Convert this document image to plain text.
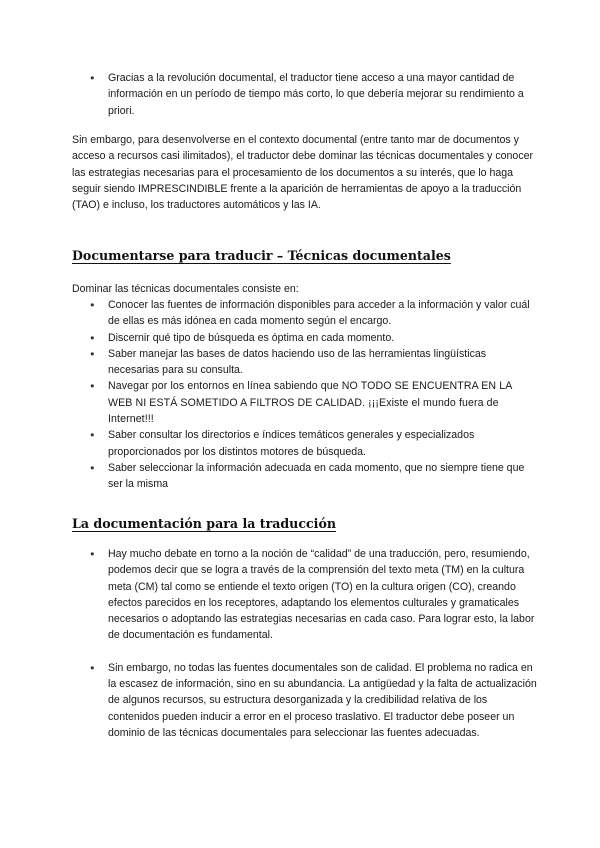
● Gracias a la revolución documental, el traductor tiene acceso a una mayor cantidad de información en un período de tiempo más corto, lo que debería mejorar su rendimiento a priori.

Sin embargo, para desenvolverse en el contexto documental (entre tanto mar de documentos y acceso a recursos casi ilimitados), el traductor debe dominar las técnicas documentales y conocer las estrategias necesarias para el procesamiento de los documentos a su interés, que lo haga seguir siendo IMPRESCINDIBLE frente a la aparición de herramientas de apoyo a la traducción (TAO) e incluso, los traductores automáticos y las IA.

Documentarse para traducir – Técnicas documentales

Dominar las técnicas documentales consiste en:

● Conocer las fuentes de información disponibles para acceder a la información y valor cuál de ellas es más idónea en cada momento según el encargo.
● Discernir qué tipo de búsqueda es óptima en cada momento.
● Saber manejar las bases de datos haciendo uso de las herramientas lingüísticas necesarias para su consulta.
● Navegar por los entornos en línea sabiendo que NO TODO SE ENCUENTRA EN LA WEB NI ESTÁ SOMETIDO A FILTROS DE CALIDAD. ¡¡¡Existe el mundo fuera de Internet!!!
● Saber consultar los directorios e índices temáticos generales y especializados proporcionados por los distintos motores de búsqueda.
● Saber seleccionar la información adecuada en cada momento, que no siempre tiene que ser la misma
La documentación para la traducción
● Hay mucho debate en torno a la noción de “calidad” de una traducción, pero, resumiendo, podemos decir que se logra a través de la comprensión del texto meta (TM) en la cultura meta (CM) tal como se entiende el texto origen (TO) en la cultura origen (CO), creando efectos parecidos en los receptores, adaptando los elementos culturales y gramaticales necesarios o adoptando las estrategias necesarias en cada caso. Para lograr esto, la labor de documentación es fundamental.
● Sin embargo, no todas las fuentes documentales son de calidad. El problema no radica en la escasez de información, sino en su abundancia. La antigüedad y la falta de actualización de algunos recursos, su estructura desorganizada y la credibilidad relativa de los contenidos pueden inducir a error en el proceso traslativo. El traductor debe poseer un dominio de las técnicas documentales para seleccionar las fuentes adecuadas.
